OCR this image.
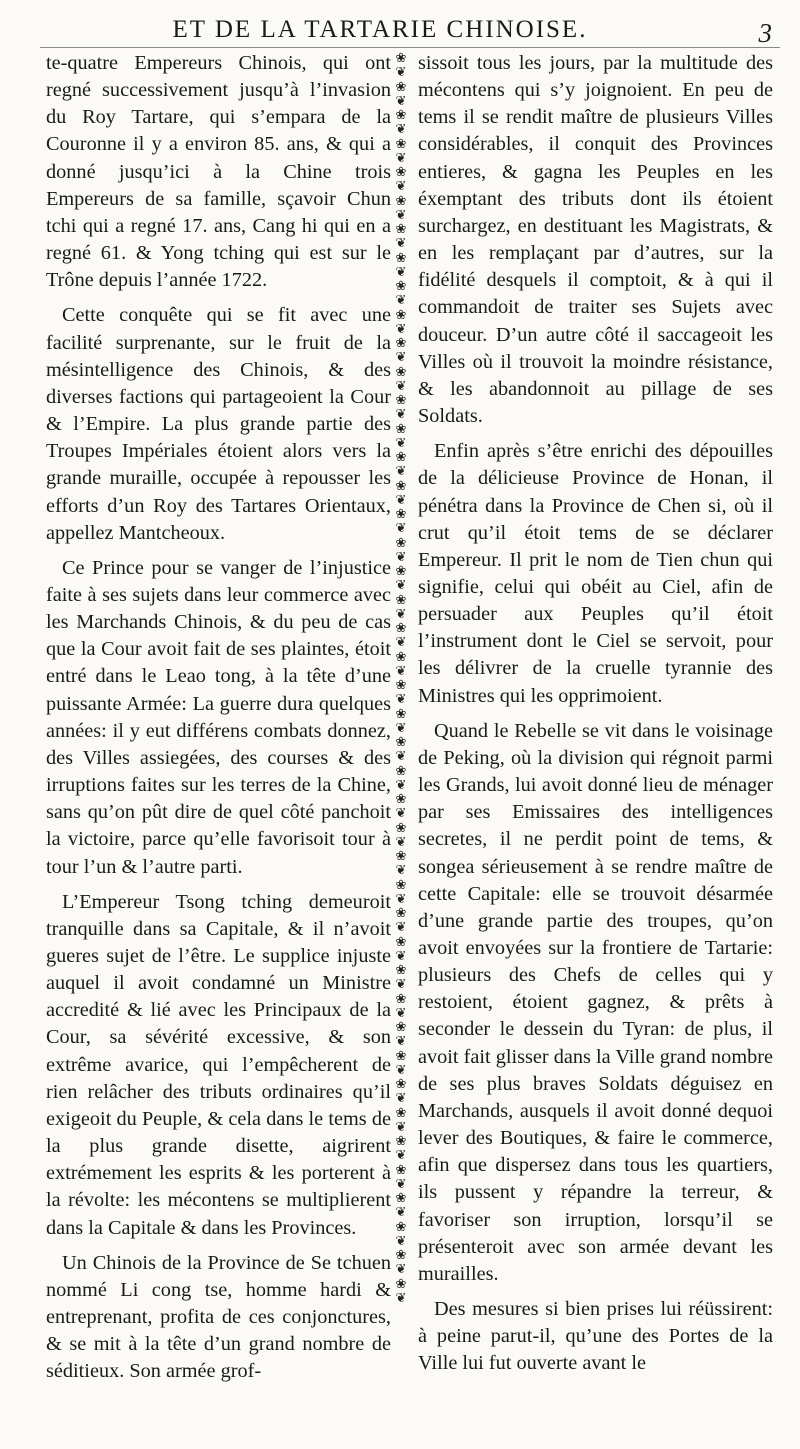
ET DE LA TARTARIE CHINOISE.	3

te-quatre Empereurs Chinois, qui ont regné successivement jusqu’à l’invasion du Roy Tartare, qui s’empara de la Couronne il y a environ 85. ans, & qui a donné jusqu’ici à la Chine trois Empereurs de sa famille, sçavoir Chun tchi qui a regné 17. ans, Cang hi qui en a regné 61. & Yong tching qui est sur le Trône depuis l’année 1722.

Cette conquête qui se fit avec une facilité surprenante, sur le fruit de la mésintelligence des Chinois, & des diverses factions qui partageoient la Cour & l’Empire. La plus grande partie des Troupes Impériales étoient alors vers la grande muraille, occupée à repousser les efforts d’un Roy des Tartares Orientaux, appellez Mantcheoux.

Ce Prince pour se vanger de l’injustice faite à ses sujets dans leur commerce avec les Marchands Chinois, & du peu de cas que la Cour avoit fait de ses plaintes, étoit entré dans le Leao tong, à la tête d’une puissante Armée: La guerre dura quelques années: il y eut différens combats donnez, des Villes assiegées, des courses & des irruptions faites sur les terres de la Chine, sans qu’on pût dire de quel côté panchoit la victoire, parce qu’elle favorisoit tour à tour l’un & l’autre parti.

L’Empereur Tsong tching demeuroit tranquille dans sa Capitale, & il n’avoit gueres sujet de l’être. Le supplice injuste auquel il avoit condamné un Ministre accredité & lié avec les Principaux de la Cour, sa sévérité excessive, & son extrême avarice, qui l’empêcherent de rien relâcher des tributs ordinaires qu’il exigeoit du Peuple, & cela dans le tems de la plus grande disette, aigrirent extrémement les esprits & les porterent à la révolte: les mécontens se multiplierent dans la Capitale & dans les Provinces.

Un Chinois de la Province de Se tchuen nommé Li cong tse, homme hardi & entreprenant, profita de ces conjonctures, & se mit à la tête d’un grand nombre de séditieux. Son armée grof-

❀
❦
❀
❦
❀
❦
❀
❦
❀
❦
❀
❦
❀
❦
❀
❦
❀
❦
❀
❦
❀
❦
❀
❦
❀
❦
❀
❦
❀
❦
❀
❦
❀
❦
❀
❦
❀
❦
❀
❦
❀
❦
❀
❦
❀
❦
❀
❦
❀
❦
❀
❦
❀
❦
❀
❦
❀
❦
❀
❦
❀
❦
❀
❦
❀
❦
❀
❦
❀
❦
❀
❦
❀
❦
❀
❦
❀
❦
❀
❦
❀
❦
❀
❦
❀
❦
❀
❦

sissoit tous les jours, par la multitude des mécontens qui s’y joignoient. En peu de tems il se rendit maître de plusieurs Villes considérables, il conquit des Provinces entieres, & gagna les Peuples en les éxemptant des tributs dont ils étoient surchargez, en destituant les Magistrats, & en les remplaçant par d’autres, sur la fidélité desquels il comptoit, & à qui il commandoit de traiter ses Sujets avec douceur. D’un autre côté il saccageoit les Villes où il trouvoit la moindre résistance, & les abandonnoit au pillage de ses Soldats.

Enfin après s’être enrichi des dépouilles de la délicieuse Province de Honan, il pénétra dans la Province de Chen si, où il crut qu’il étoit tems de se déclarer Empereur. Il prit le nom de Tien chun qui signifie, celui qui obéit au Ciel, afin de persuader aux Peuples qu’il étoit l’instrument dont le Ciel se servoit, pour les délivrer de la cruelle tyrannie des Ministres qui les opprimoient.

Quand le Rebelle se vit dans le voisinage de Peking, où la division qui régnoit parmi les Grands, lui avoit donné lieu de ménager par ses Emissaires des intelligences secretes, il ne perdit point de tems, & songea sérieusement à se rendre maître de cette Capitale: elle se trouvoit désarmée d’une grande partie des troupes, qu’on avoit envoyées sur la frontiere de Tartarie: plusieurs des Chefs de celles qui y restoient, étoient gagnez, & prêts à seconder le dessein du Tyran: de plus, il avoit fait glisser dans la Ville grand nombre de ses plus braves Soldats déguisez en Marchands, ausquels il avoit donné dequoi lever des Boutiques, & faire le commerce, afin que dispersez dans tous les quartiers, ils pussent y répandre la terreur, & favoriser son irruption, lorsqu’il se présenteroit avec son armée devant les murailles.

Des mesures si bien prises lui réüssirent: à peine parut-il, qu’une des Portes de la Ville lui fut ouverte avant le
